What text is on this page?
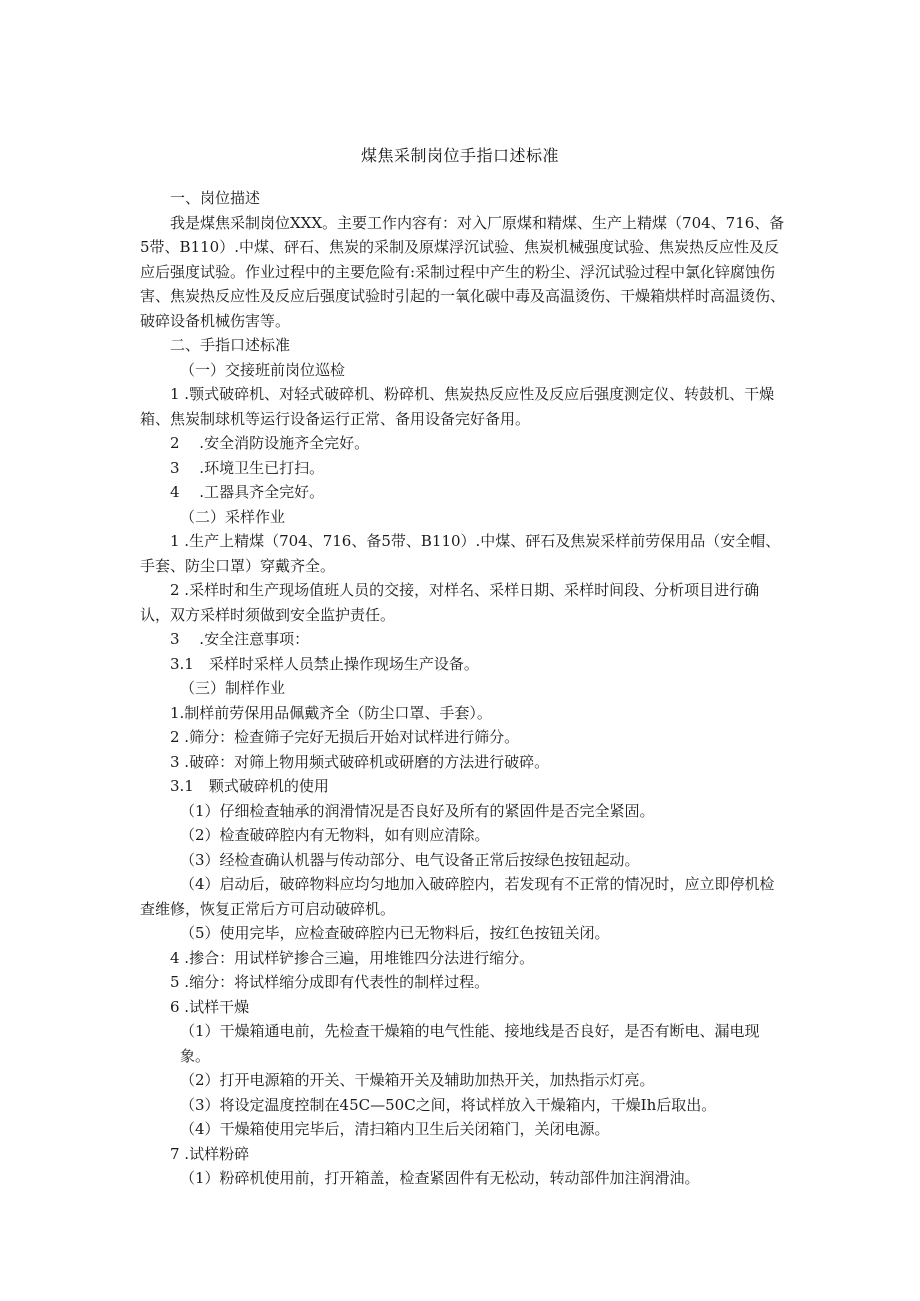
煤焦采制岗位手指口述标准
一、岗位描述
我是煤焦采制岗位XXX。主要工作内容有：对入厂原煤和精煤、生产上精煤（704、716、备5带、B110）.中煤、砰石、焦炭的采制及原煤浮沉试验、焦炭机械强度试验、焦炭热反应性及反应后强度试验。作业过程中的主要危险有:采制过程中产生的粉尘、浮沉试验过程中氯化锌腐蚀伤害、焦炭热反应性及反应后强度试验时引起的一氧化碳中毒及高温烫伤、干燥箱烘样时高温烫伤、破碎设备机械伤害等。
二、手指口述标准
（一）交接班前岗位巡检
1 .颚式破碎机、对轻式破碎机、粉碎机、焦炭热反应性及反应后强度测定仪、转鼓机、干燥箱、焦炭制球机等运行设备运行正常、备用设备完好备用。
2　 .安全消防设施齐全完好。
3　 .环境卫生已打扫。
4　 .工器具齐全完好。
（二）采样作业
1 .生产上精煤（704、716、备5带、B110）.中煤、砰石及焦炭采样前劳保用品（安全帽、手套、防尘口罩）穿戴齐全。
2 .采样时和生产现场值班人员的交接，对样名、采样日期、采样时间段、分析项目进行确认，双方采样时须做到安全监护责任。
3　 .安全注意事项：
3.1　采样时采样人员禁止操作现场生产设备。
（三）制样作业
1.制样前劳保用品佩戴齐全（防尘口罩、手套）。
2 .筛分：检查筛子完好无损后开始对试样进行筛分。
3 .破碎：对筛上物用频式破碎机或研磨的方法进行破碎。
3.1　颗式破碎机的使用
（1）仔细检查轴承的润滑情况是否良好及所有的紧固件是否完全紧固。
（2）检查破碎腔内有无物料，如有则应清除。
（3）经检查确认机器与传动部分、电气设备正常后按绿色按钮起动。
（4）启动后，破碎物料应均匀地加入破碎腔内，若发现有不正常的情况时，应立即停机检查维修，恢复正常后方可启动破碎机。
（5）使用完毕，应检查破碎腔内已无物料后，按红色按钮关闭。
4 .掺合：用试样铲掺合三遍，用堆锥四分法进行缩分。
5 .缩分：将试样缩分成即有代表性的制样过程。
6 .试样干燥
（1）干燥箱通电前，先检查干燥箱的电气性能、接地线是否良好，是否有断电、漏电现象。
（2）打开电源箱的开关、干燥箱开关及辅助加热开关，加热指示灯亮。
（3）将设定温度控制在45C—50C之间，将试样放入干燥箱内，干燥Ih后取出。
（4）干燥箱使用完毕后，清扫箱内卫生后关闭箱门，关闭电源。
7 .试样粉碎
（1）粉碎机使用前，打开箱盖，检查紧固件有无松动，转动部件加注润滑油。
